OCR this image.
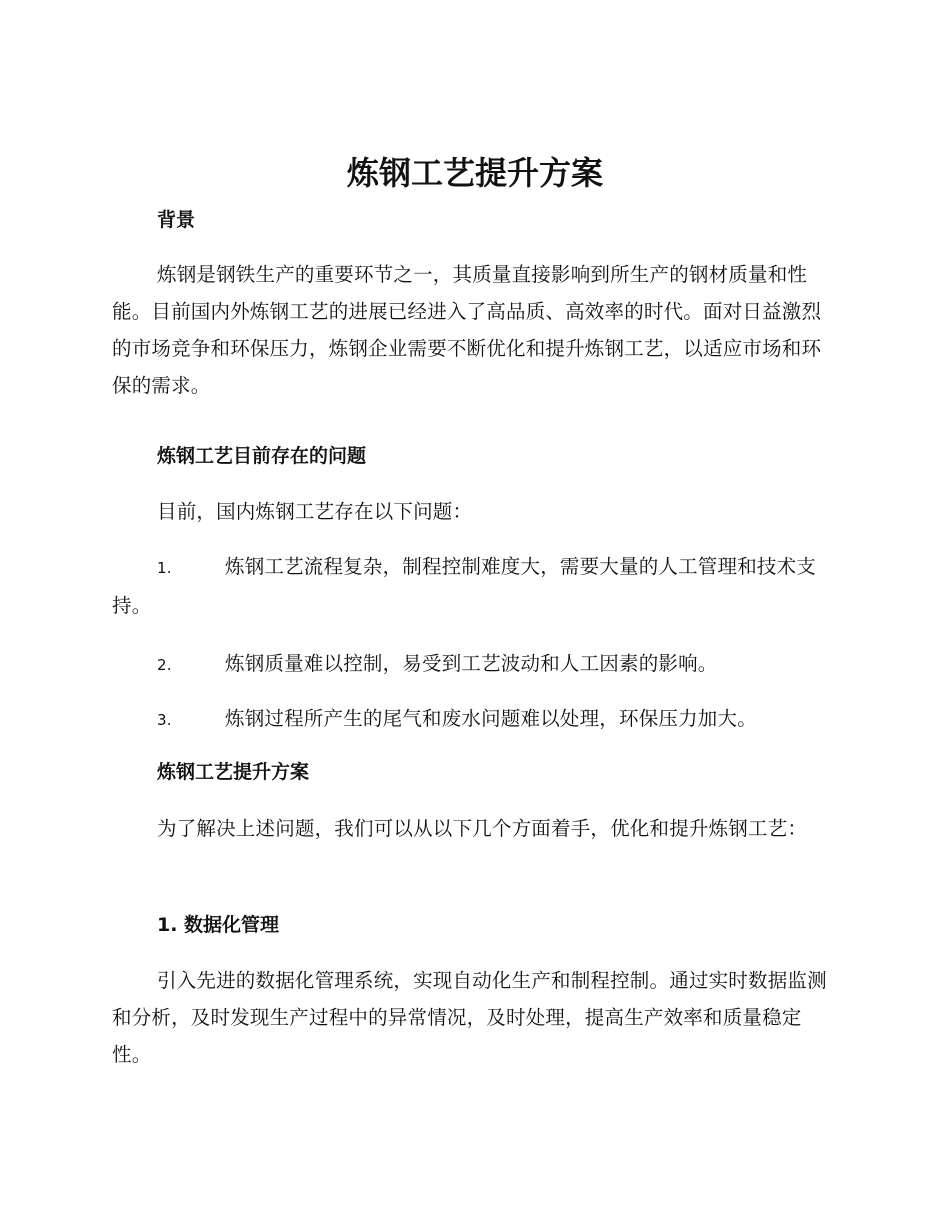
炼钢工艺提升方案
背景

炼钢是钢铁生产的重要环节之一，其质量直接影响到所生产的钢材质量和性能。目前国内外炼钢工艺的进展已经进入了高品质、高效率的时代。面对日益激烈的市场竞争和环保压力，炼钢企业需要不断优化和提升炼钢工艺，以适应市场和环保的需求。

炼钢工艺目前存在的问题

目前，国内炼钢工艺存在以下问题：

1.	炼钢工艺流程复杂，制程控制难度大，需要大量的人工管理和技术支持。

2.	炼钢质量难以控制，易受到工艺波动和人工因素的影响。

3.	炼钢过程所产生的尾气和废水问题难以处理，环保压力加大。

炼钢工艺提升方案

为了解决上述问题，我们可以从以下几个方面着手，优化和提升炼钢工艺：

1. 数据化管理

引入先进的数据化管理系统，实现自动化生产和制程控制。通过实时数据监测和分析，及时发现生产过程中的异常情况，及时处理，提高生产效率和质量稳定性。
